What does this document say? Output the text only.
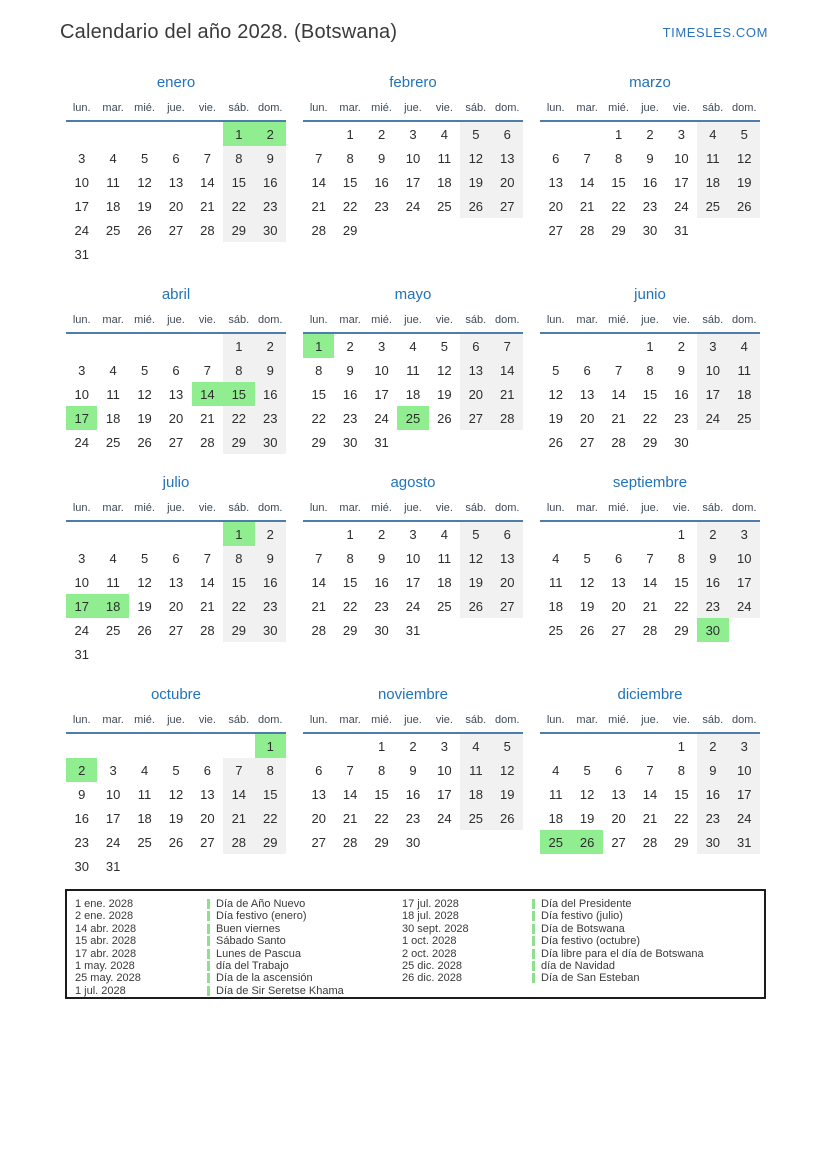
Calendario del año 2028. (Botswana)	TIMESLES.COM
enero
lun.	mar.	mié.	jue.	vie.	sáb.	dom.
					1	2
3	4	5	6	7	8	9
10	11	12	13	14	15	16
17	18	19	20	21	22	23
24	25	26	27	28	29	30
31						
febrero
lun.	mar.	mié.	jue.	vie.	sáb.	dom.
	1	2	3	4	5	6
7	8	9	10	11	12	13
14	15	16	17	18	19	20
21	22	23	24	25	26	27
28	29					
marzo
lun.	mar.	mié.	jue.	vie.	sáb.	dom.
		1	2	3	4	5
6	7	8	9	10	11	12
13	14	15	16	17	18	19
20	21	22	23	24	25	26
27	28	29	30	31		
abril
lun.	mar.	mié.	jue.	vie.	sáb.	dom.
					1	2
3	4	5	6	7	8	9
10	11	12	13	14	15	16
17	18	19	20	21	22	23
24	25	26	27	28	29	30
mayo
lun.	mar.	mié.	jue.	vie.	sáb.	dom.
1	2	3	4	5	6	7
8	9	10	11	12	13	14
15	16	17	18	19	20	21
22	23	24	25	26	27	28
29	30	31				
junio
lun.	mar.	mié.	jue.	vie.	sáb.	dom.
			1	2	3	4
5	6	7	8	9	10	11
12	13	14	15	16	17	18
19	20	21	22	23	24	25
26	27	28	29	30		
julio
lun.	mar.	mié.	jue.	vie.	sáb.	dom.
					1	2
3	4	5	6	7	8	9
10	11	12	13	14	15	16
17	18	19	20	21	22	23
24	25	26	27	28	29	30
31						
agosto
lun.	mar.	mié.	jue.	vie.	sáb.	dom.
	1	2	3	4	5	6
7	8	9	10	11	12	13
14	15	16	17	18	19	20
21	22	23	24	25	26	27
28	29	30	31			
septiembre
lun.	mar.	mié.	jue.	vie.	sáb.	dom.
				1	2	3
4	5	6	7	8	9	10
11	12	13	14	15	16	17
18	19	20	21	22	23	24
25	26	27	28	29	30	
octubre
lun.	mar.	mié.	jue.	vie.	sáb.	dom.
						1
2	3	4	5	6	7	8
9	10	11	12	13	14	15
16	17	18	19	20	21	22
23	24	25	26	27	28	29
30	31					
noviembre
lun.	mar.	mié.	jue.	vie.	sáb.	dom.
		1	2	3	4	5
6	7	8	9	10	11	12
13	14	15	16	17	18	19
20	21	22	23	24	25	26
27	28	29	30			
diciembre
lun.	mar.	mié.	jue.	vie.	sáb.	dom.
				1	2	3
4	5	6	7	8	9	10
11	12	13	14	15	16	17
18	19	20	21	22	23	24
25	26	27	28	29	30	31
1 ene. 2028	Día de Año Nuevo
2 ene. 2028	Día festivo (enero)
14 abr. 2028	Buen viernes
15 abr. 2028	Sábado Santo
17 abr. 2028	Lunes de Pascua
1 may. 2028	día del Trabajo
25 may. 2028	Día de la ascensión
1 jul. 2028	Día de Sir Seretse Khama
17 jul. 2028	Día del Presidente
18 jul. 2028	Día festivo (julio)
30 sept. 2028	Día de Botswana
1 oct. 2028	Día festivo (octubre)
2 oct. 2028	Día libre para el día de Botswana
25 dic. 2028	día de Navidad
26 dic. 2028	Día de San Esteban
